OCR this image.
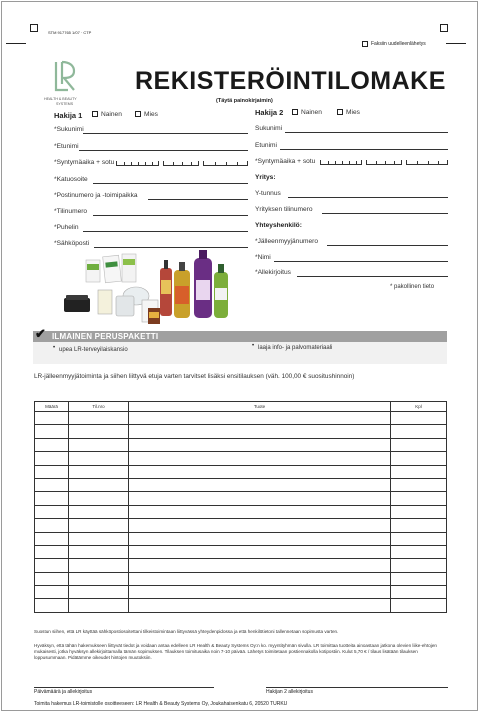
STM 917765 1/07 · CTP
Faksiin uudelleenlähetys
HEALTH & BEAUTY
SYSTEMS
REKISTERÖINTILOMAKE
(Täytä painokirjaimin)
Hakija 1	Nainen	Mies
*Sukunimi
*Etunimi
*Syntymäaika + sotu
*Katuosoite
*Postinumero ja -toimipaikka
*Tilinumero
*Puhelin
*Sähköposti
Hakija 2	Nainen	Mies
Sukunimi
Etunimi
*Syntymäaika + sotu
Yritys:
Y-tunnus
Yrityksen tilinumero
Yhteyshenkilö:
*Jälleenmyyjänumero
*Nimi
*Allekirjoitus
* pakollinen tieto
✔ ILMAINEN PERUSPAKETTI
• upea LR-terveyilaiskansio
• laaja info- ja palvomateriaali
LR-jälleenmyyjätoiminta ja siihen liittyvä etuja varten tarvitset lisäksi ensitilauksen (väh. 100,00 € suositushinnoin)
Määrä	Til.nro	Tuote	Kpl

Suostun siihen, että LR käyttää sähköpostiosoitettani tilkeistoimintaan liittyvässä yhteydenpidossa ja että henkilötietoni tallennetaan sopimusta varten.
Hyväksyn, että tähän hakemukseen liittyvät tiedot ja voidaan antaa edelleen LR Health & Beauty Systems Oy:n ko. myyntityhmän sivulla. LR toimittaa tuotteita ainoastaan jatkona olevien liike-ehtojen mukaisesti, jotka hyväksyn allekirjoittamalla tämän sopimuksen. Tilauksen toimitusaika noin 7-10 päivää. Lähetys toimitetaan postiennakolla kotipostiin. Kulut 5,70 € / tilaus lisätään tilauksen loppusummaan. Pidätämme oikeudet hintojen muutoksiin.
Päivämäärä ja allekirjoitus	Hakijan 2 allekirjoitus
Toimita hakemus LR-toimistolle osoitteeseen: LR Health & Beauty Systems Oy, Joukahaisenkatu 6, 20520 TURKU
